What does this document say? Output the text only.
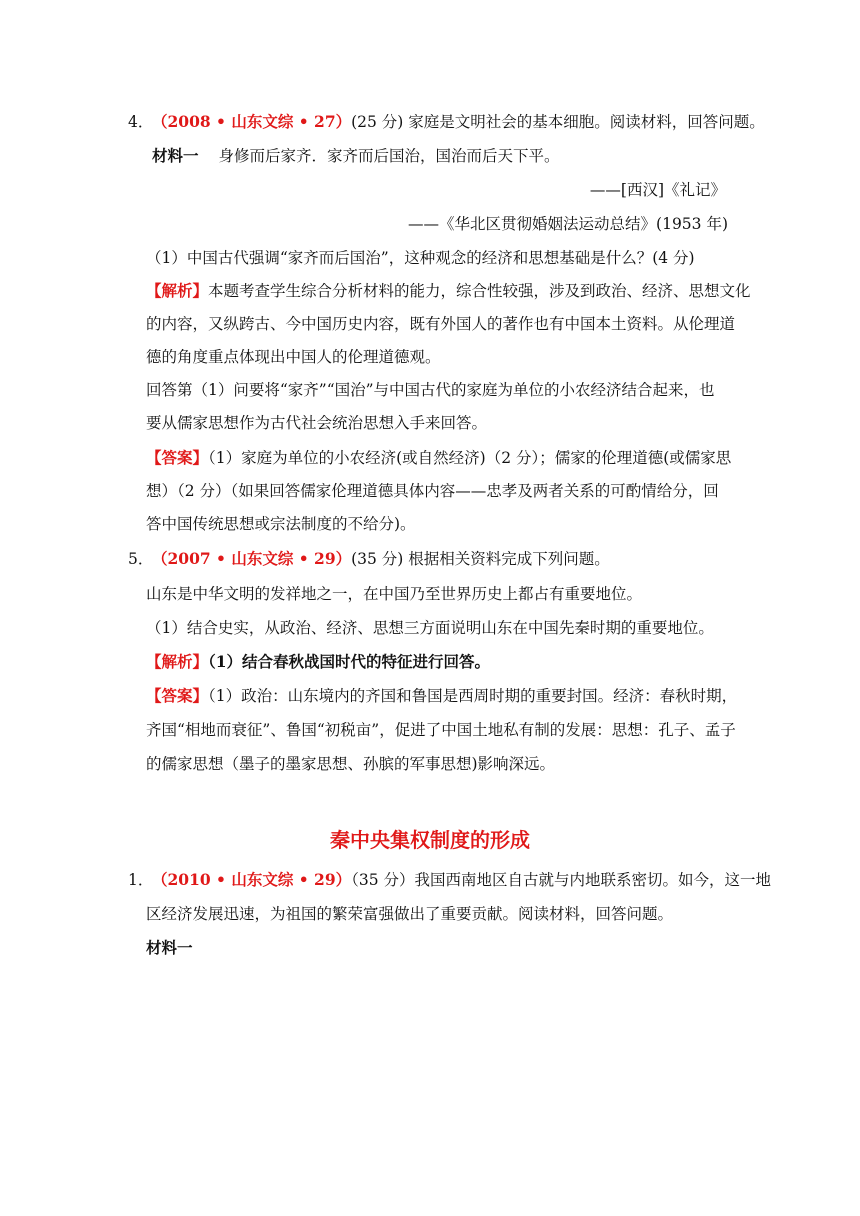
4．
（2008 • 山东文综 • 27）(25 分) 家庭是文明社会的基本细胞。阅读材料，回答问题。
材料一 身修而后家齐．家齐而后国治，国治而后天下平。
——[西汉]《礼记》
——《华北区贯彻婚姻法运动总结》(1953 年)
（1）中国古代强调“家齐而后国治”，这种观念的经济和思想基础是什么？(4 分)
【解析】本题考查学生综合分析材料的能力，综合性较强，涉及到政治、经济、思想文化
的内容，又纵跨古、今中国历史内容，既有外国人的著作也有中国本土资料。从伦理道
德的角度重点体现出中国人的伦理道德观。
回答第（1）问要将“家齐”“国治”与中国古代的家庭为单位的小农经济结合起来，也
要从儒家思想作为古代社会统治思想入手来回答。
【答案】（1）家庭为单位的小农经济(或自然经济)（2 分）；儒家的伦理道德(或儒家思
想）（2 分）（如果回答儒家伦理道德具体内容——忠孝及两者关系的可酌情给分，回
答中国传统思想或宗法制度的不给分)。
5．
（2007 • 山东文综 • 29）(35 分) 根据相关资料完成下列问题。
山东是中华文明的发祥地之一，在中国乃至世界历史上都占有重要地位。
（1）结合史实，从政治、经济、思想三方面说明山东在中国先秦时期的重要地位。
【解析】（1）结合春秋战国时代的特征进行回答。
【答案】（1）政治：山东境内的齐国和鲁国是西周时期的重要封国。经济：春秋时期，
齐国“相地而衰征”、鲁国“初税亩”，促进了中国土地私有制的发展：思想：孔子、孟子
的儒家思想（墨子的墨家思想、孙膑的军事思想)影响深远。
秦中央集权制度的形成
1．
（2010 • 山东文综 • 29）（35 分）我国西南地区自古就与内地联系密切。如今，这一地
区经济发展迅速，为祖国的繁荣富强做出了重要贡献。阅读材料，回答问题。
材料一
